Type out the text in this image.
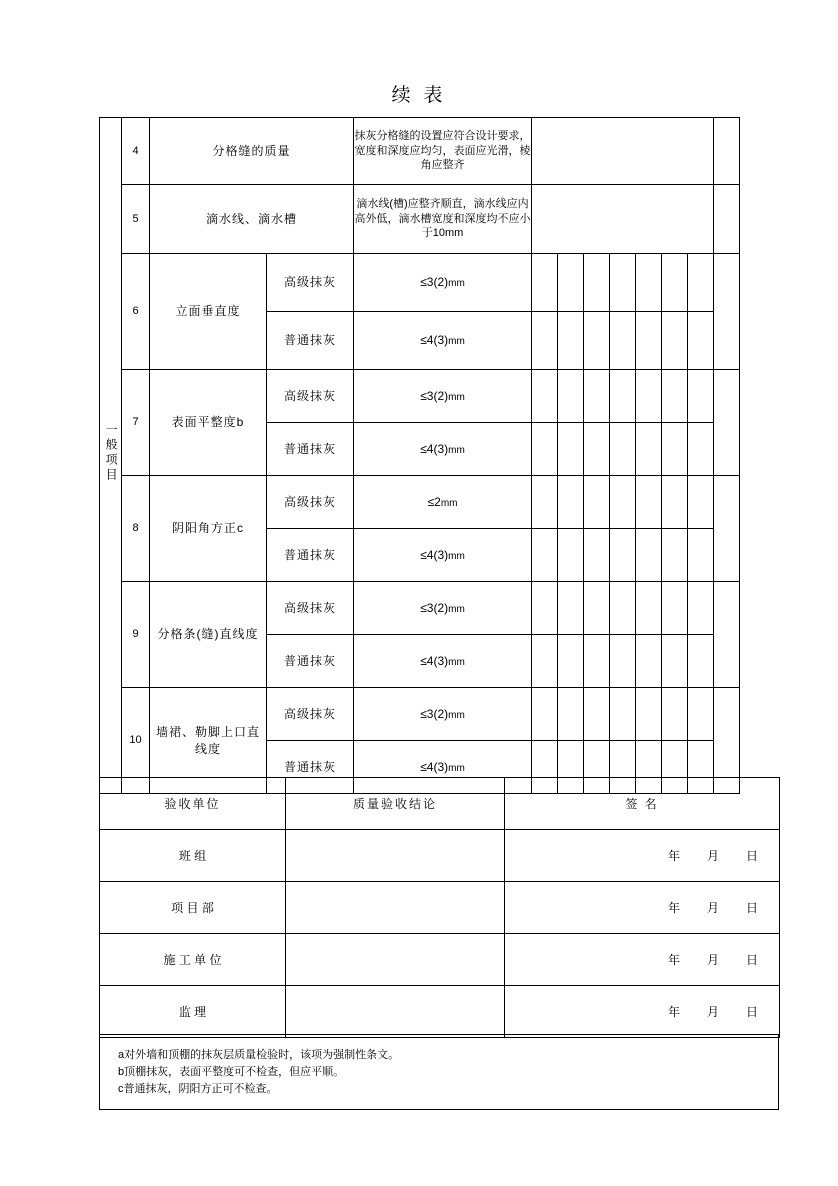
续 表
一般项目	4	分格缝的质量		抹灰分格缝的设置应符合设计要求，宽度和深度应均匀，表面应光滑，棱角应整齐								
	5	滴水线、滴水槽		滴水线(槽)应整齐顺直，滴水线应内高外低，滴水槽宽度和深度均不应小于10mm								
	6	立面垂直度	高级抹灰	≤3(2)mm								
			普通抹灰	≤4(3)mm								
	7	表面平整度b	高级抹灰	≤3(2)mm								
			普通抹灰	≤4(3)mm								
	8	阴阳角方正c	高级抹灰	≤2mm								
			普通抹灰	≤4(3)mm								
	9	分格条(缝)直线度	高级抹灰	≤3(2)mm								
			普通抹灰	≤4(3)mm								
	10	墙裙、勒脚上口直线度	高级抹灰	≤3(2)mm								
			普通抹灰	≤4(3)mm								
验收单位	质量验收结论	签 名
班 组		年 月 日

项 目 部		年 月 日

施 工 单 位		年 月 日

监 理		年 月 日
a对外墙和顶棚的抹灰层质量检验时，该项为强制性条文。
b顶棚抹灰，表面平整度可不检查，但应平顺。
c普通抹灰，阴阳方正可不检查。
